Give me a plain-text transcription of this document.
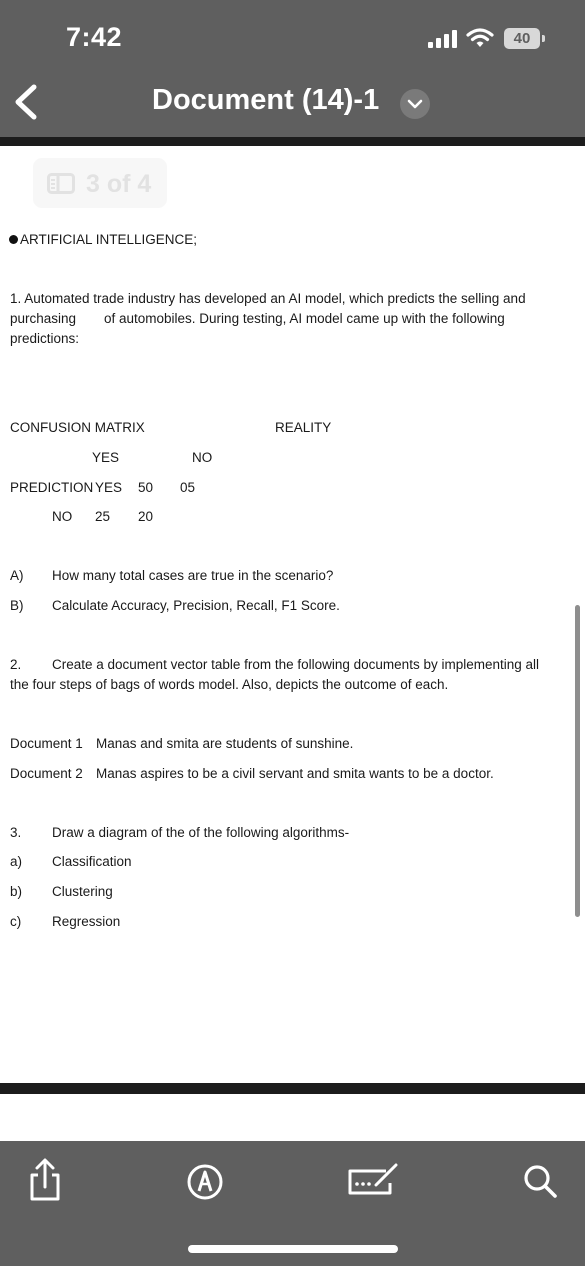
7:42	40
Document (14)-1
3 of 4
ARTIFICIAL INTELLIGENCE;
1. Automated trade industry has developed an AI model, which predicts the selling and
purchasing of automobiles. During testing, AI model came up with the following
predictions:
CONFUSION MATRIX	REALITY
YES	NO
PREDICTION YES 50 05
NO 25 20
A) How many total cases are true in the scenario?
B) Calculate Accuracy, Precision, Recall, F1 Score.
2. Create a document vector table from the following documents by implementing all
the four steps of bags of words model. Also, depicts the outcome of each.
Document 1 Manas and smita are students of sunshine.
Document 2 Manas aspires to be a civil servant and smita wants to be a doctor.
3. Draw a diagram of the of the following algorithms-
a) Classification
b) Clustering
c) Regression
